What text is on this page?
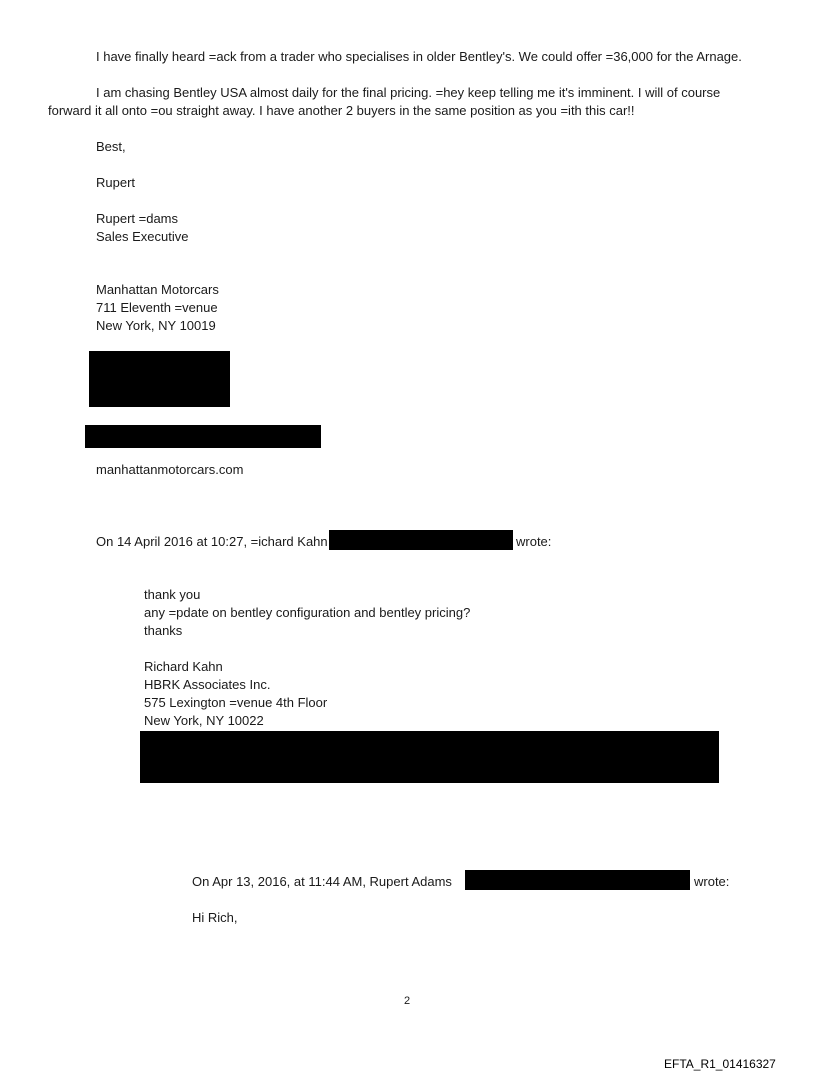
I have finally heard =ack from a trader who specialises in older Bentley's. We could offer =36,000 for the Arnage.
I am chasing Bentley USA almost daily for the final pricing. =hey keep telling me it's imminent. I will of course
forward it all onto =ou straight away. I have another 2 buyers in the same position as you =ith this car!!
Best,
Rupert
Rupert =dams
Sales Executive
Manhattan Motorcars
711 Eleventh =venue
New York, NY 10019
manhattanmotorcars.com
On 14 April 2016 at 10:27, =ichard Kahn	wrote:
thank you
any =pdate on bentley configuration and bentley pricing?
thanks
Richard Kahn
HBRK Associates Inc.
575 Lexington =venue 4th Floor
New York, NY 10022
On Apr 13, 2016, at 11:44 AM, Rupert Adams	wrote:
Hi Rich,
2
EFTA_R1_01416327
